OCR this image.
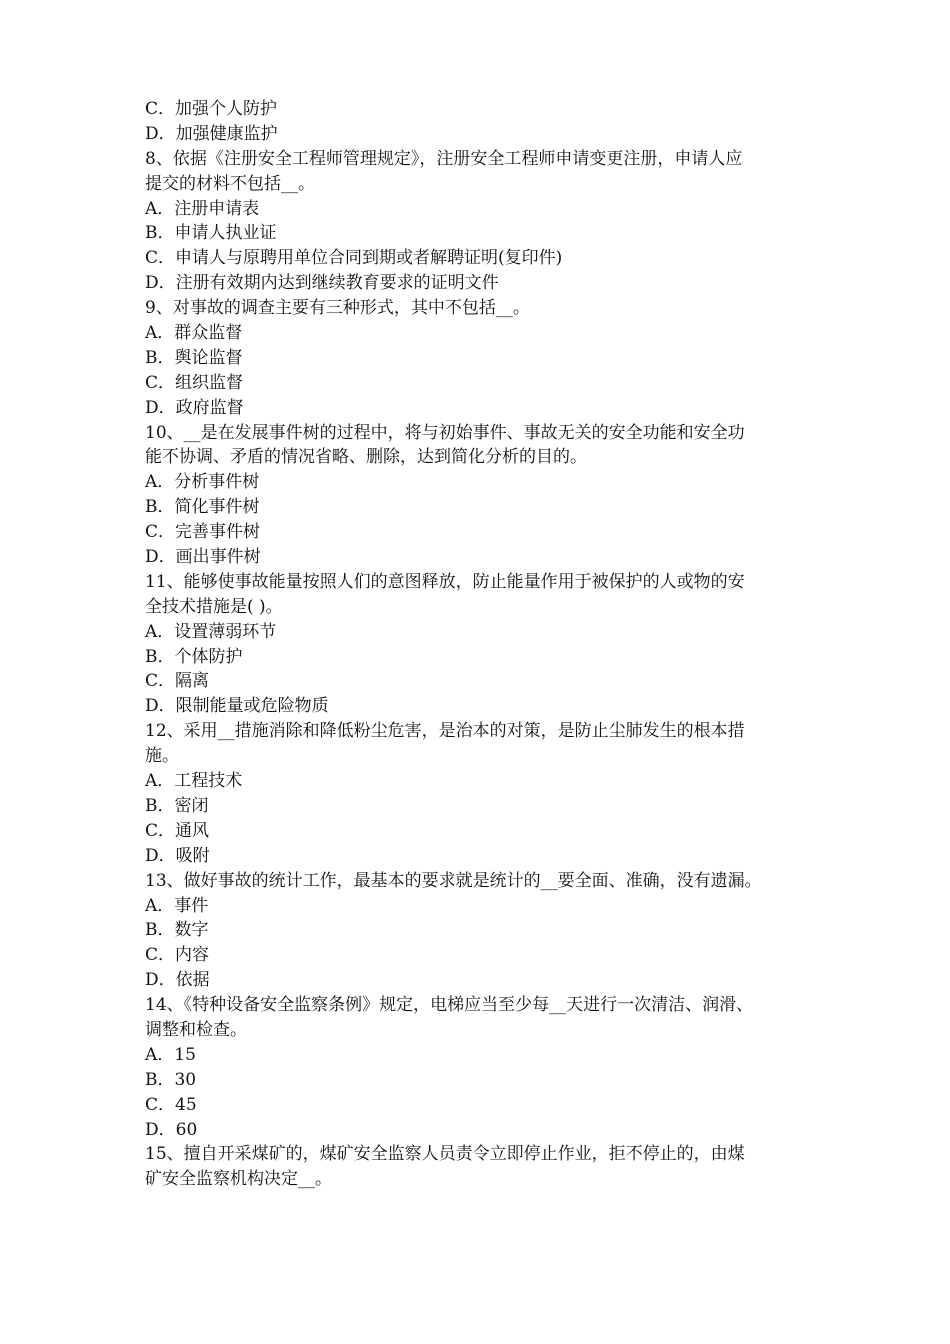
C．加强个人防护
D．加强健康监护
8、依据《注册安全工程师管理规定》，注册安全工程师申请变更注册，申请人应
提交的材料不包括__。
A．注册申请表
B．申请人执业证
C．申请人与原聘用单位合同到期或者解聘证明(复印件)
D．注册有效期内达到继续教育要求的证明文件
9、对事故的调查主要有三种形式，其中不包括__。
A．群众监督
B．舆论监督
C．组织监督
D．政府监督
10、__是在发展事件树的过程中，将与初始事件、事故无关的安全功能和安全功
能不协调、矛盾的情况省略、删除，达到简化分析的目的。
A．分析事件树
B．简化事件树
C．完善事件树
D．画出事件树
11、能够使事故能量按照人们的意图释放，防止能量作用于被保护的人或物的安
全技术措施是( )。
A．设置薄弱环节
B．个体防护
C．隔离
D．限制能量或危险物质
12、采用__措施消除和降低粉尘危害，是治本的对策，是防止尘肺发生的根本措
施。
A．工程技术
B．密闭
C．通风
D．吸附
13、做好事故的统计工作，最基本的要求就是统计的__要全面、准确，没有遗漏。
A．事件
B．数字
C．内容
D．依据
14、《特种设备安全监察条例》规定，电梯应当至少每__天进行一次清洁、润滑、
调整和检查。
A．15
B．30
C．45
D．60
15、擅自开采煤矿的，煤矿安全监察人员责令立即停止作业，拒不停止的，由煤
矿安全监察机构决定__。
